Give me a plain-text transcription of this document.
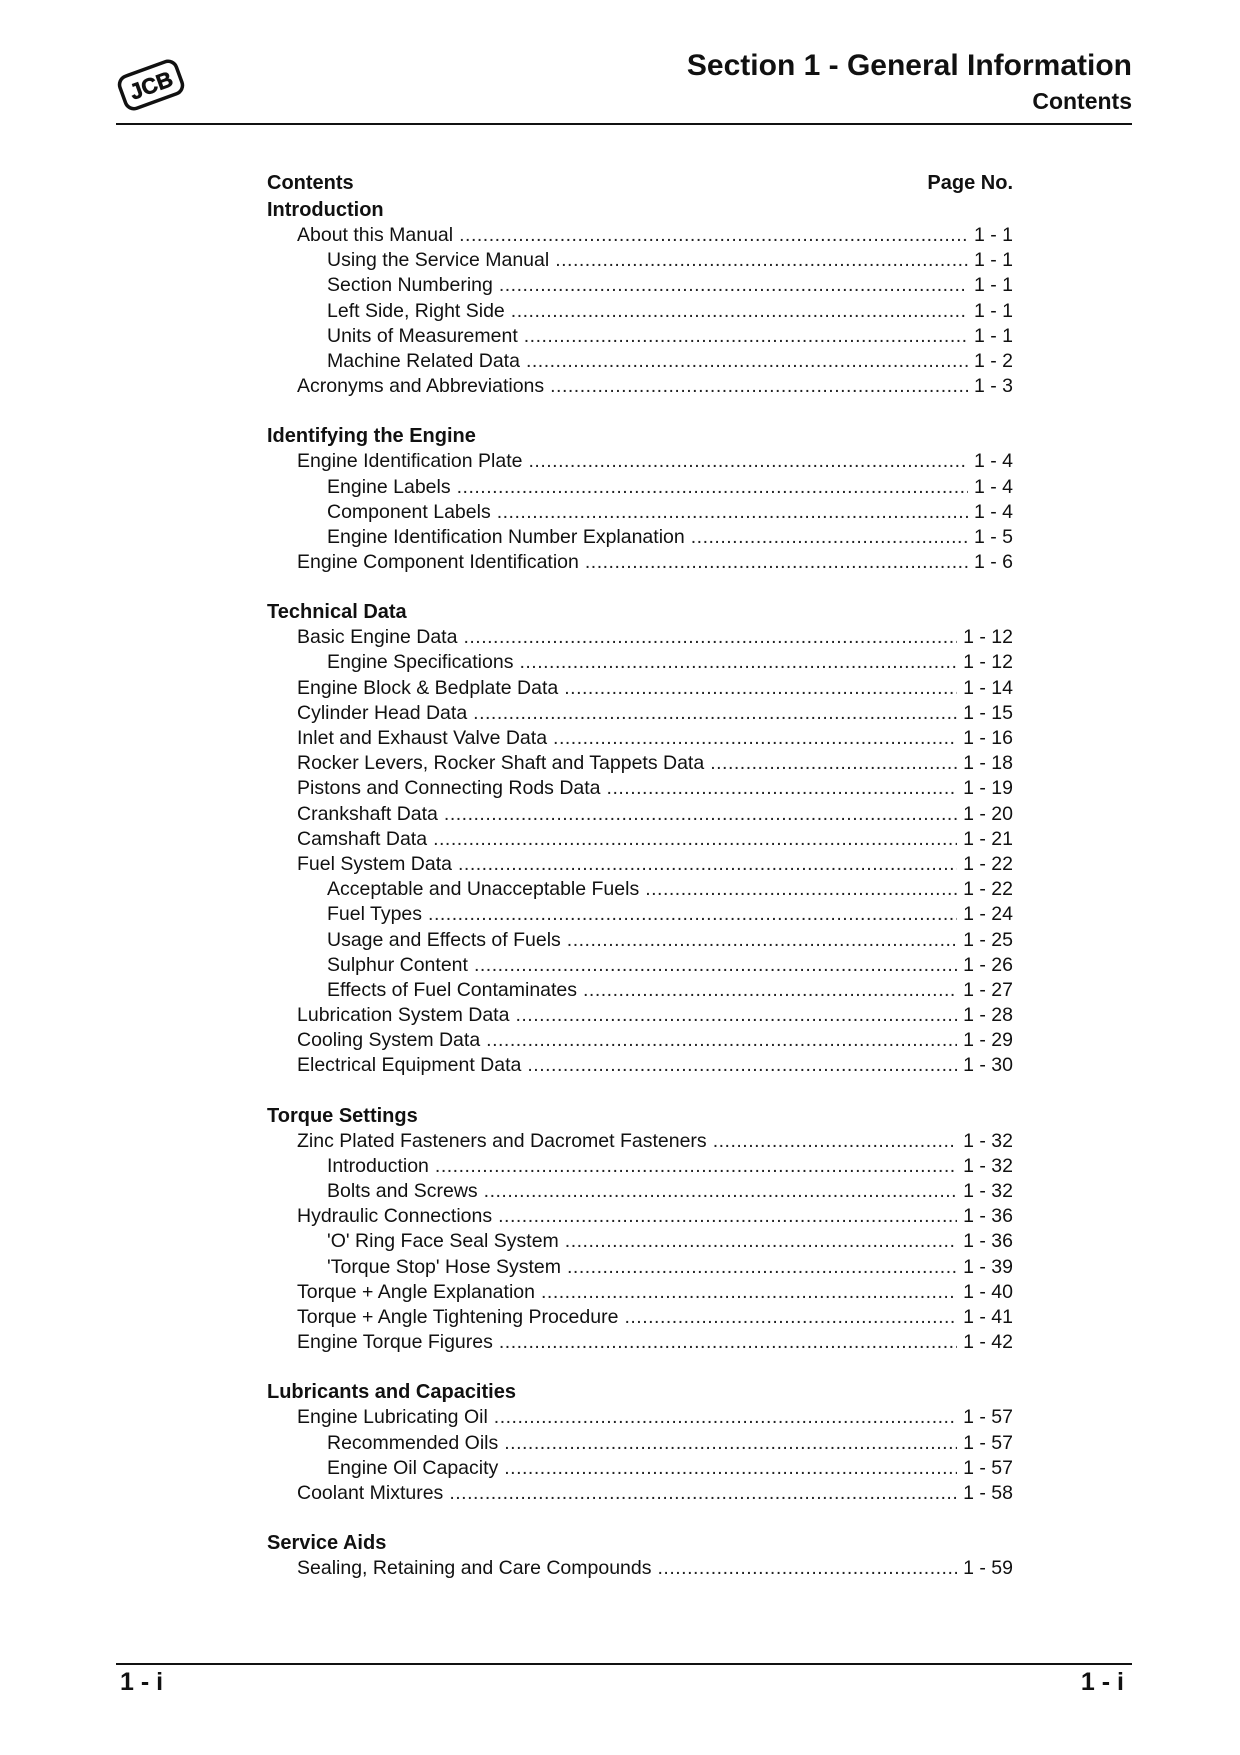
JCB
Section 1 - General Information
Contents
Contents	Page No.
Introduction
About this Manual .....	1 - 1
Using the Service Manual .....	1 - 1
Section Numbering .....	1 - 1
Left Side, Right Side .....	1 - 1
Units of Measurement .....	1 - 1
Machine Related Data .....	1 - 2
Acronyms and Abbreviations .....	1 - 3
Identifying the Engine
Engine Identification Plate .....	1 - 4
Engine Labels .....	1 - 4
Component Labels .....	1 - 4
Engine Identification Number Explanation .....	1 - 5
Engine Component Identification .....	1 - 6
Technical Data
Basic Engine Data .....	1 - 12
Engine Specifications .....	1 - 12
Engine Block & Bedplate Data .....	1 - 14
Cylinder Head Data .....	1 - 15
Inlet and Exhaust Valve Data .....	1 - 16
Rocker Levers, Rocker Shaft and Tappets Data .....	1 - 18
Pistons and Connecting Rods Data .....	1 - 19
Crankshaft Data .....	1 - 20
Camshaft Data .....	1 - 21
Fuel System Data .....	1 - 22
Acceptable and Unacceptable Fuels .....	1 - 22
Fuel Types .....	1 - 24
Usage and Effects of Fuels .....	1 - 25
Sulphur Content .....	1 - 26
Effects of Fuel Contaminates .....	1 - 27
Lubrication System Data .....	1 - 28
Cooling System Data .....	1 - 29
Electrical Equipment Data .....	1 - 30
Torque Settings
Zinc Plated Fasteners and Dacromet Fasteners .....	1 - 32
Introduction .....	1 - 32
Bolts and Screws .....	1 - 32
Hydraulic Connections .....	1 - 36
'O' Ring Face Seal System .....	1 - 36
'Torque Stop' Hose System .....	1 - 39
Torque + Angle Explanation .....	1 - 40
Torque + Angle Tightening Procedure .....	1 - 41
Engine Torque Figures .....	1 - 42
Lubricants and Capacities
Engine Lubricating Oil .....	1 - 57
Recommended Oils .....	1 - 57
Engine Oil Capacity .....	1 - 57
Coolant Mixtures .....	1 - 58
Service Aids
Sealing, Retaining and Care Compounds .....	1 - 59
1 - i	1 - i
